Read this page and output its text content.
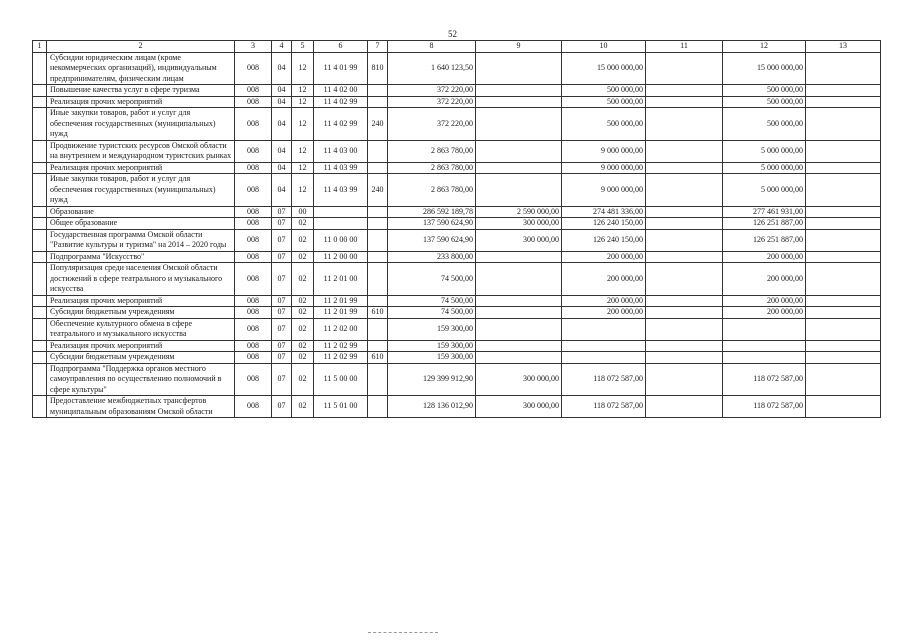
52
1	2	3	4	5	6	7	8	9	10	11	12	13
	Субсидии юридическим лицам (кроме некоммерческих организаций), индивидуальным предпринимателям, физическим лицам	008	04	12	11 4 01 99	810	1 640 123,50		15 000 000,00		15 000 000,00	
	Повышение качества услуг в сфере туризма	008	04	12	11 4 02 00		372 220,00		500 000,00		500 000,00	
	Реализация прочих мероприятий	008	04	12	11 4 02 99		372 220,00		500 000,00		500 000,00	
	Иные закупки товаров, работ и услуг для обеспечения государственных (муниципальных) нужд	008	04	12	11 4 02 99	240	372 220,00		500 000,00		500 000,00	
	Продвижение туристских ресурсов Омской области на внутреннем и международном туристских рынках	008	04	12	11 4 03 00		2 863 780,00		9 000 000,00		5 000 000,00	
	Реализация прочих мероприятий	008	04	12	11 4 03 99		2 863 780,00		9 000 000,00		5 000 000,00	
	Иные закупки товаров, работ и услуг для обеспечения государственных (муниципальных) нужд	008	04	12	11 4 03 99	240	2 863 780,00		9 000 000,00		5 000 000,00	
	Образование	008	07	00			286 592 189,78	2 590 000,00	274 481 336,00		277 461 931,00	
	Общее образование	008	07	02			137 590 624,90	300 000,00	126 240 150,00		126 251 887,00	
	Государственная программа Омской области "Развитие культуры и туризма" на 2014 – 2020 годы	008	07	02	11 0 00 00		137 590 624,90	300 000,00	126 240 150,00		126 251 887,00	
	Подпрограмма "Искусство"	008	07	02	11 2 00 00		233 800,00		200 000,00		200 000,00	
	Популяризация среди населения Омской области достижений в сфере театрального и музыкального искусства	008	07	02	11 2 01 00		74 500,00		200 000,00		200 000,00	
	Реализация прочих мероприятий	008	07	02	11 2 01 99		74 500,00		200 000,00		200 000,00	
	Субсидии бюджетным учреждениям	008	07	02	11 2 01 99	610	74 500,00		200 000,00		200 000,00	
	Обеспечение культурного обмена в сфере театрального и музыкального искусства	008	07	02	11 2 02 00		159 300,00					
	Реализация прочих мероприятий	008	07	02	11 2 02 99		159 300,00					
	Субсидии бюджетным учреждениям	008	07	02	11 2 02 99	610	159 300,00					
	Подпрограмма "Поддержка органов местного самоуправления по осуществлению полномочий в сфере культуры"	008	07	02	11 5 00 00		129 399 912,90	300 000,00	118 072 587,00		118 072 587,00	
	Предоставление межбюджетных трансфертов муниципальным образованиям Омской области	008	07	02	11 5 01 00		128 136 012,90	300 000,00	118 072 587,00		118 072 587,00	
